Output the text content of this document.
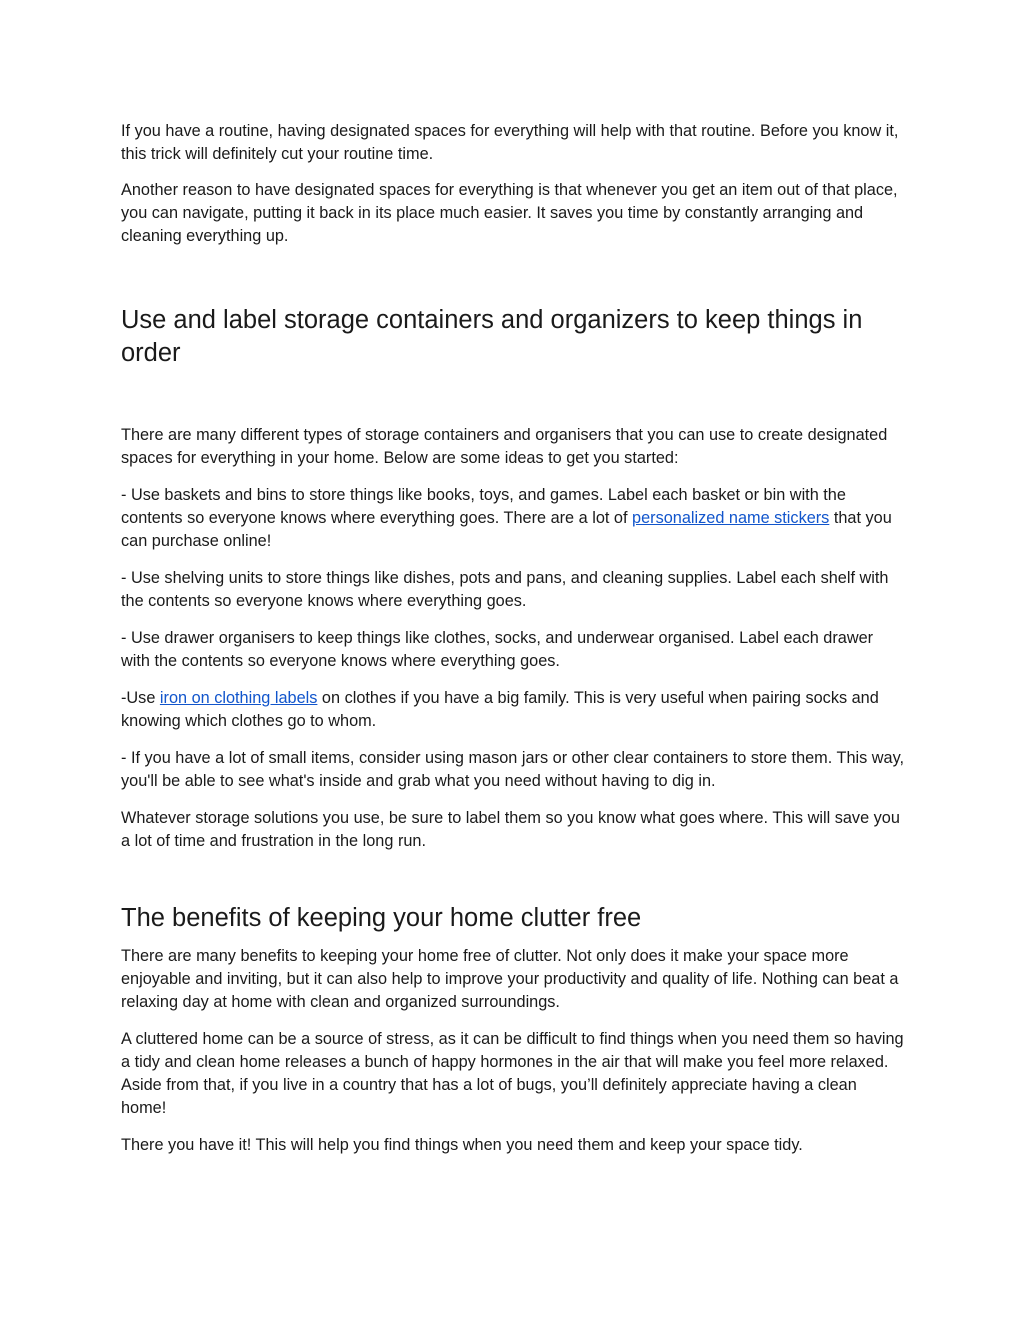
If you have a routine, having designated spaces for everything will help with that routine. Before you know it, this trick will definitely cut your routine time.

Another reason to have designated spaces for everything is that whenever you get an item out of that place, you can navigate, putting it back in its place much easier. It saves you time by constantly arranging and cleaning everything up.

Use and label storage containers and organizers to keep things in order

There are many different types of storage containers and organisers that you can use to create designated spaces for everything in your home. Below are some ideas to get you started:

- Use baskets and bins to store things like books, toys, and games. Label each basket or bin with the contents so everyone knows where everything goes. There are a lot of personalized name stickers that you can purchase online!

- Use shelving units to store things like dishes, pots and pans, and cleaning supplies. Label each shelf with the contents so everyone knows where everything goes.

- Use drawer organisers to keep things like clothes, socks, and underwear organised. Label each drawer with the contents so everyone knows where everything goes.

-Use iron on clothing labels on clothes if you have a big family. This is very useful when pairing socks and knowing which clothes go to whom.

- If you have a lot of small items, consider using mason jars or other clear containers to store them. This way, you'll be able to see what's inside and grab what you need without having to dig in.

Whatever storage solutions you use, be sure to label them so you know what goes where. This will save you a lot of time and frustration in the long run.

The benefits of keeping your home clutter free

There are many benefits to keeping your home free of clutter. Not only does it make your space more enjoyable and inviting, but it can also help to improve your productivity and quality of life. Nothing can beat a relaxing day at home with clean and organized surroundings.

A cluttered home can be a source of stress, as it can be difficult to find things when you need them so having a tidy and clean home releases a bunch of happy hormones in the air that will make you feel more relaxed. Aside from that, if you live in a country that has a lot of bugs, you’ll definitely appreciate having a clean home!

There you have it! This will help you find things when you need them and keep your space tidy.
